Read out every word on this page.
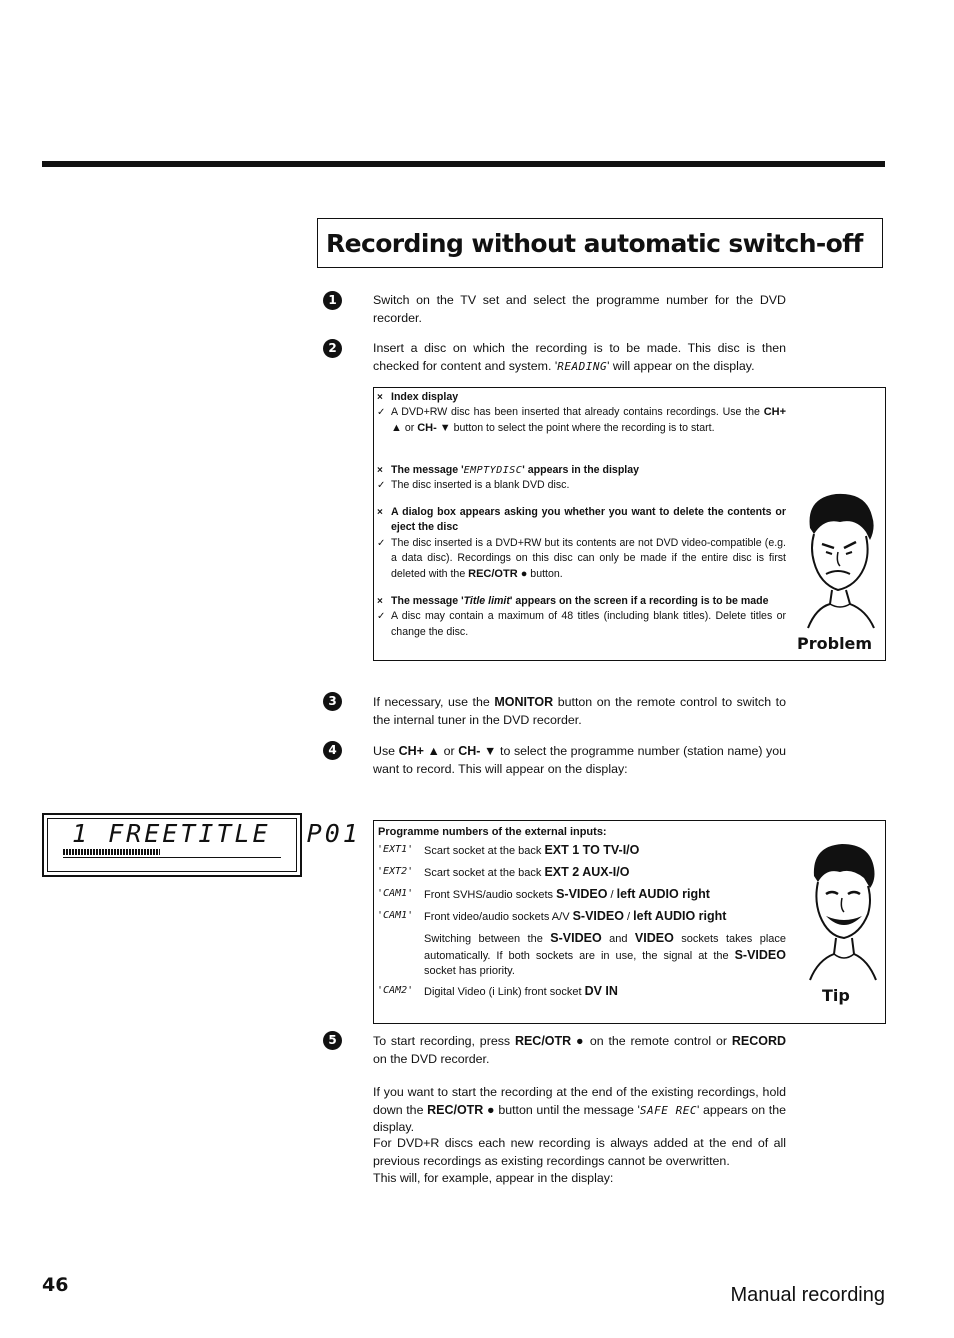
Recording without automatic switch-off
1	Switch on the TV set and select the programme number for the DVD recorder.
2	Insert a disc on which the recording is to be made. This disc is then checked for content and system. 'READING' will appear on the display.
× Index display
✓ A DVD+RW disc has been inserted that already contains recordings. Use the CH+ ▲ or CH- ▼ button to select the point where the recording is to start.
× The message 'EMPTYDISC' appears in the display
✓ The disc inserted is a blank DVD disc.
× A dialog box appears asking you whether you want to delete the contents or eject the disc
✓ The disc inserted is a DVD+RW but its contents are not DVD video-compatible (e.g. a data disc). Recordings on this disc can only be made if the entire disc is first deleted with the REC/OTR ● button.
× The message 'Title limit' appears on the screen if a recording is to be made
✓ A disc may contain a maximum of 48 titles (including blank titles). Delete titles or change the disc.
Problem
3	If necessary, use the MONITOR button on the remote control to switch to the internal tuner in the DVD recorder.
4	Use CH+ ▲ or CH- ▼ to select the programme number (station name) you want to record. This will appear on the display:
1 FREETITLE  P01 Programme numbers of the external inputs:
'EXT1' Scart socket at the back EXT 1 TO TV-I/O
'EXT2' Scart socket at the back EXT 2 AUX-I/O
'CAM1' Front SVHS/audio sockets S-VIDEO / left AUDIO right
'CAM1' Front video/audio sockets A/V S-VIDEO / left AUDIO right
Switching between the S-VIDEO and VIDEO sockets takes place automatically. If both sockets are in use, the signal at the S-VIDEO socket has priority.
'CAM2' Digital Video (i Link) front socket DV IN	Tip
5	To start recording, press REC/OTR ● on the remote control or RECORD on the DVD recorder.
If you want to start the recording at the end of the existing recordings, hold down the REC/OTR ● button until the message 'SAFE REC' appears on the display.
For DVD+R discs each new recording is always added at the end of all previous recordings as existing recordings cannot be overwritten.
This will, for example, appear in the display:
46	Manual recording
